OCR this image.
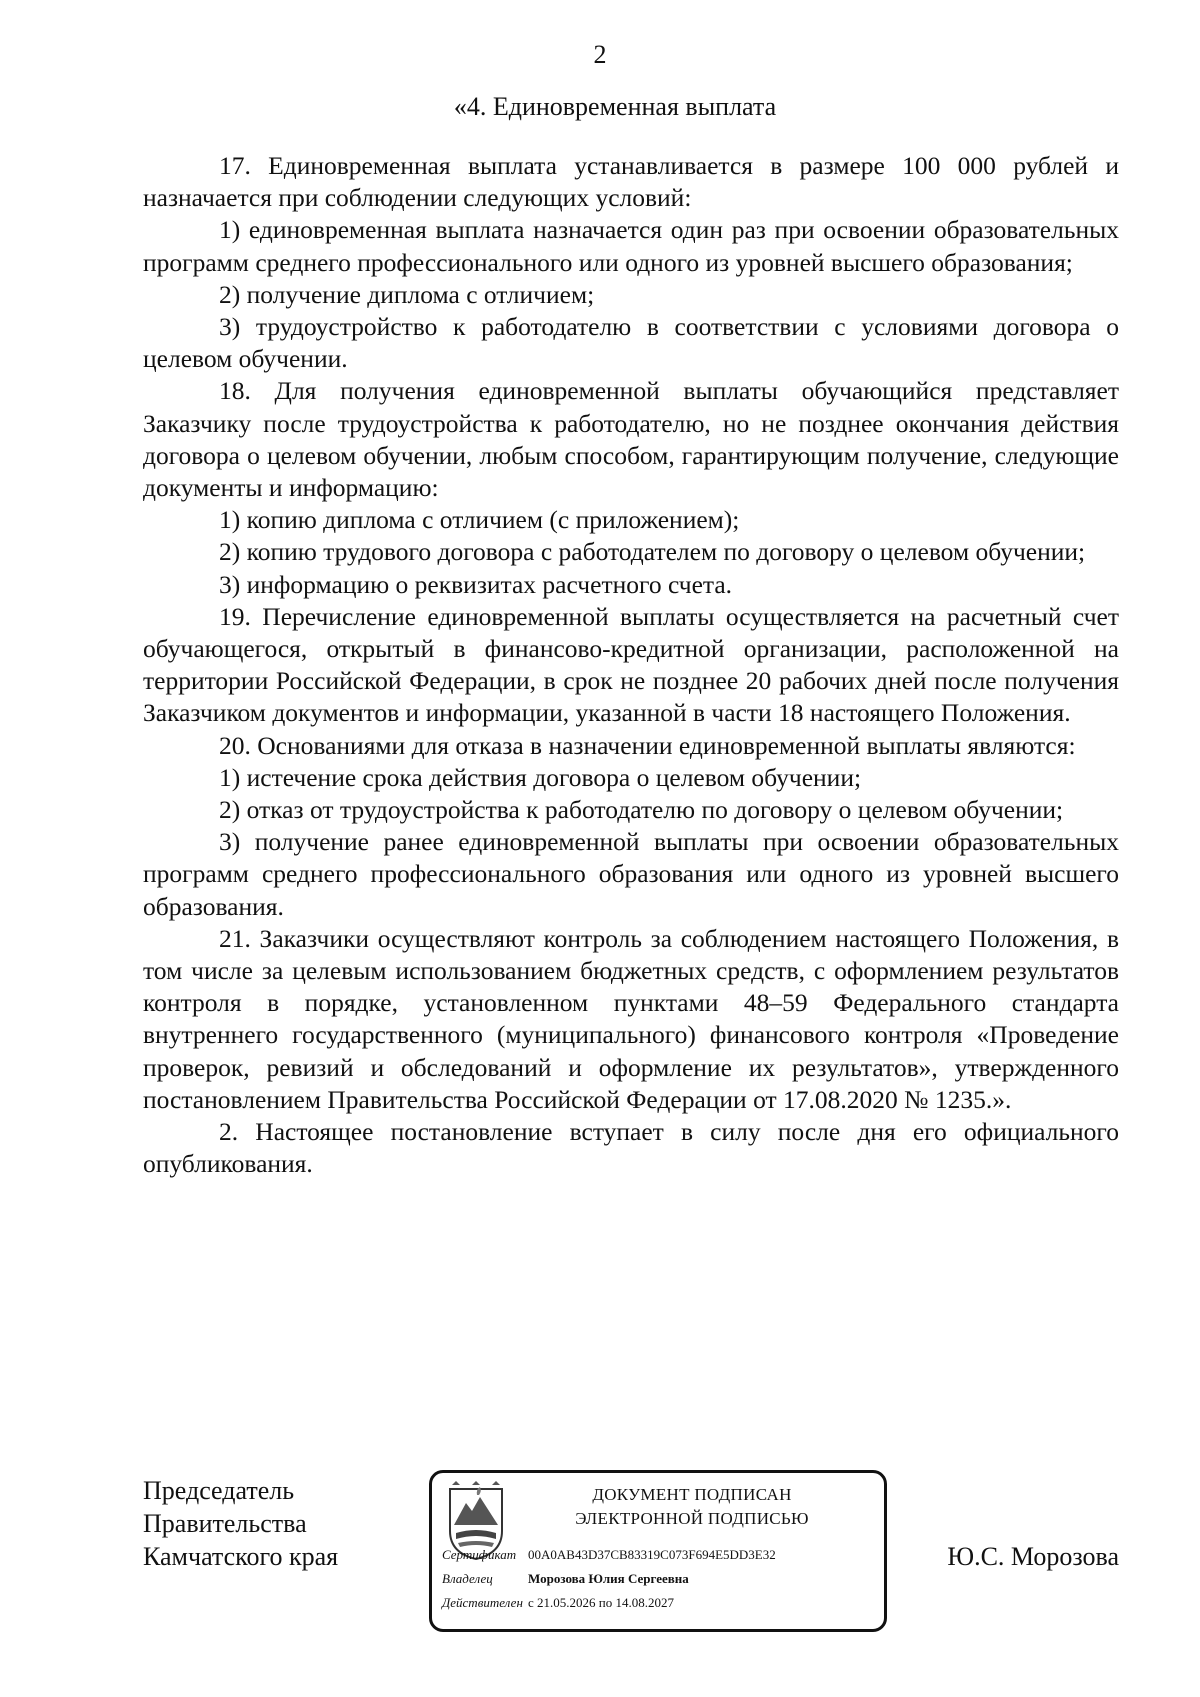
2
«4. Единовременная выплата

17. Единовременная выплата устанавливается в размере 100 000 рублей и назначается при соблюдении следующих условий:

1) единовременная выплата назначается один раз при освоении образовательных программ среднего профессионального или одного из уровней высшего образования;

2) получение диплома с отличием;

3) трудоустройство к работодателю в соответствии с условиями договора о целевом обучении.

18. Для получения единовременной выплаты обучающийся представляет Заказчику после трудоустройства к работодателю, но не позднее окончания действия договора о целевом обучении, любым способом, гарантирующим получение, следующие документы и информацию:

1) копию диплома с отличием (с приложением);

2) копию трудового договора с работодателем по договору о целевом обучении;

3) информацию о реквизитах расчетного счета.

19. Перечисление единовременной выплаты осуществляется на расчетный счет обучающегося, открытый в финансово-кредитной организации, расположенной на территории Российской Федерации, в срок не позднее 20 рабочих дней после получения Заказчиком документов и информации, указанной в части 18 настоящего Положения.

20. Основаниями для отказа в назначении единовременной выплаты являются:

1) истечение срока действия договора о целевом обучении;

2) отказ от трудоустройства к работодателю по договору о целевом обучении;

3) получение ранее единовременной выплаты при освоении образовательных программ среднего профессионального образования или одного из уровней высшего образования.

21. Заказчики осуществляют контроль за соблюдением настоящего Положения, в том числе за целевым использованием бюджетных средств, с оформлением результатов контроля в порядке, установленном пунктами 48–59 Федерального стандарта внутреннего государственного (муниципального) финансового контроля «Проведение проверок, ревизий и обследований и оформление их результатов», утвержденного постановлением Правительства Российской Федерации от 17.08.2020 № 1235.».

2. Настоящее постановление вступает в силу после дня его официального опубликования.

Председатель
Правительства
Камчатского края
ДОКУМЕНТ ПОДПИСАН
ЭЛЕКТРОННОЙ ПОДПИСЬЮ
Сертификат 00A0AB43D37CB83319C073F694E5DD3E32
Владелец	Морозова Юлия Сергеевна
Действителен с 21.05.2026 по 14.08.2027
Ю.С. Морозова
